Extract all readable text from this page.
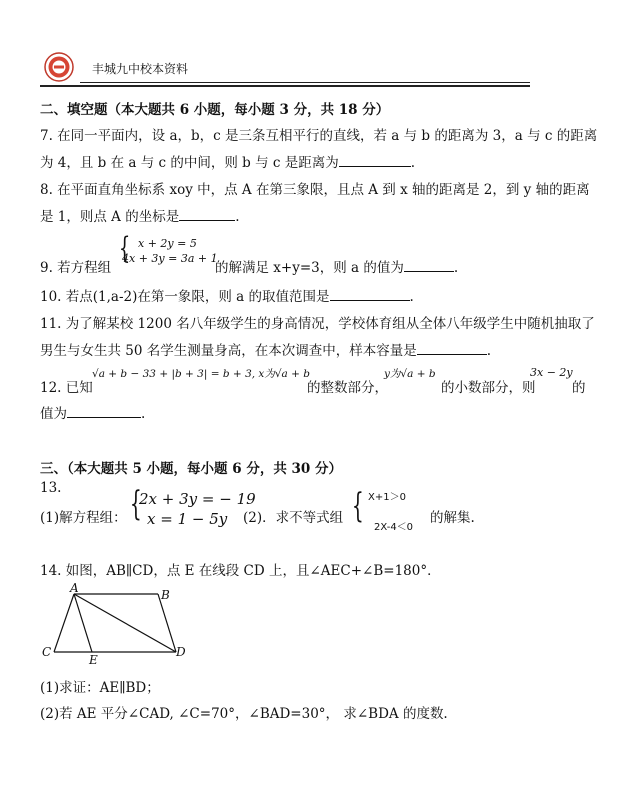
丰城九中校本资料
二、填空题（本大题共 6 小题，每小题 3 分，共 18 分）
7. 在同一平面内，设 a，b，c 是三条互相平行的直线，若 a 与 b 的距离为 3，a 与 c 的距离
为 4，且 b 在 a 与 c 的中间，则 b 与 c 是距离为	.
8. 在平面直角坐标系 xoy 中，点 A 在第三象限，且点 A 到 x 轴的距离是 2，到 y 轴的距离
是 1，则点 A 的坐标是	.
9. 若方程组
{ x + 2y = 5
4x + 3y = 3a + 1
的解满足 x+y=3，则 a 的值为	.
10. 若点(1,a-2)在第一象限，则 a 的取值范围是	.
11. 为了解某校 1200 名八年级学生的身高情况，学校体育组从全体八年级学生中随机抽取了
男生与女生共 50 名学生测量身高，在本次调查中，样本容量是	.
12. 已知
√a + b − 33 + |b + 3| = b + 3, x为√a + b
的整数部分，
y为√a + b
的小数部分，则
3x − 2y
的
值为	.
三、（本大题共 5 小题，每小题 6 分，共 30 分）
13.
(1)解方程组： {
2x + 3y = − 19
x = 1 − 5y (2)．求不等式组 { X+1＞0
2X-4＜0
的解集.
14. 如图，AB∥CD，点 E 在线段 CD 上，且∠AEC+∠B=180°．
A	B
C
E
D
(1)求证：AE∥BD；
(2)若 AE 平分∠CAD, ∠C=70°，∠BAD=30°， 求∠BDA 的度数.
